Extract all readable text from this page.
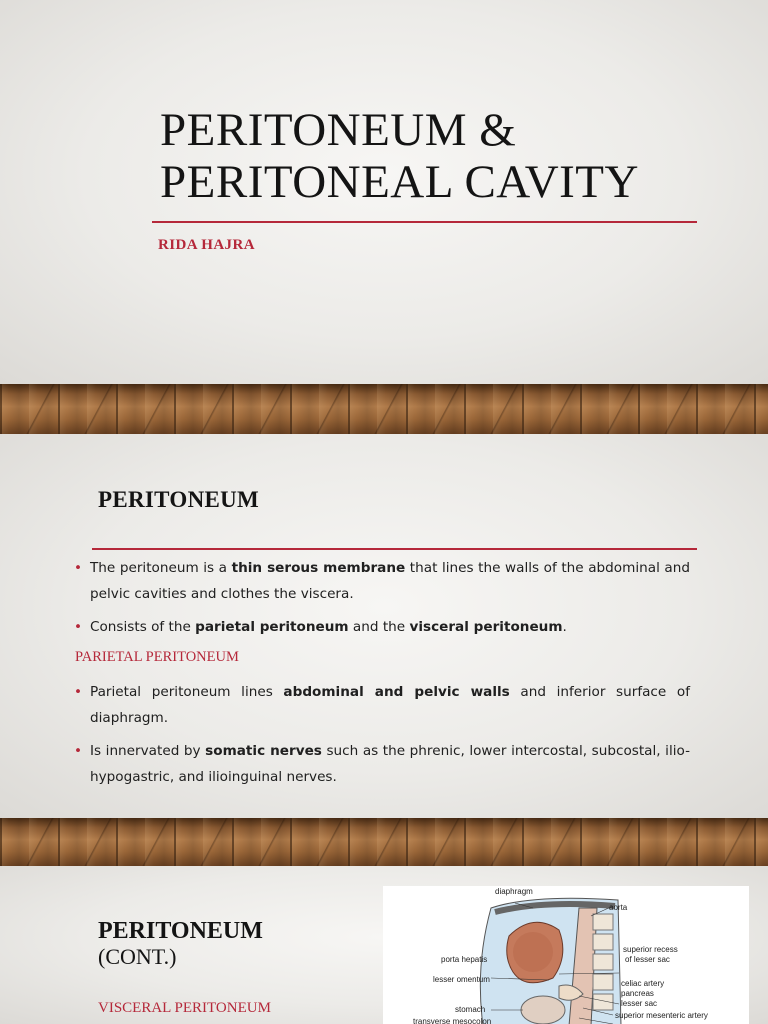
PERITONEUM &
PERITONEAL CAVITY

RIDA HAJRA

PERITONEUM

• The peritoneum is a thin serous membrane that lines the walls of the abdominal and pelvic cavities and clothes the viscera.

• Consists of the parietal peritoneum and the visceral peritoneum.

PARIETAL PERITONEUM

• Parietal peritoneum lines abdominal and pelvic walls and inferior surface of diaphragm.

• Is innervated by somatic nerves such as the phrenic, lower intercostal, subcostal, ilio-hypogastric, and ilioinguinal nerves.

PERITONEUM
(CONT.)

VISCERAL PERITONEUM

diaphragm
aorta
superior recess
of lesser sac
porta hepatis
lesser omentum	celiac artery
pancreas
lesser sac
stomach
superior mesenteric artery
transverse mesocolon
